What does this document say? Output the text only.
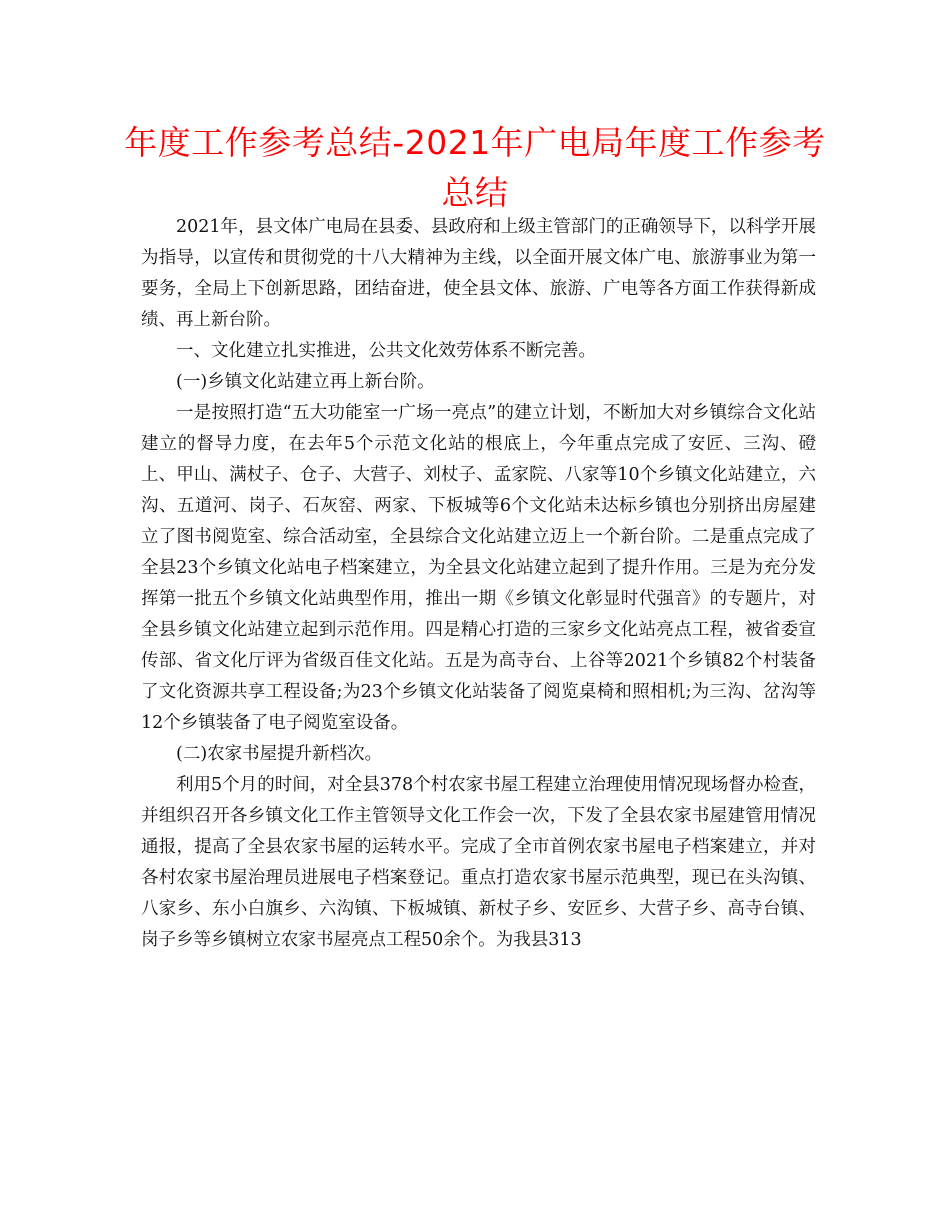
年度工作参考总结-2021年广电局年度工作参考总结

2021年，县文体广电局在县委、县政府和上级主管部门的正确领导下，以科学开展为指导，以宣传和贯彻党的十八大精神为主线，以全面开展文体广电、旅游事业为第一要务，全局上下创新思路，团结奋进，使全县文体、旅游、广电等各方面工作获得新成绩、再上新台阶。

一、文化建立扎实推进，公共文化效劳体系不断完善。

(一)乡镇文化站建立再上新台阶。

一是按照打造“五大功能室一广场一亮点”的建立计划，不断加大对乡镇综合文化站建立的督导力度，在去年5个示范文化站的根底上，今年重点完成了安匠、三沟、磴上、甲山、满杖子、仓子、大营子、刘杖子、孟家院、八家等10个乡镇文化站建立，六沟、五道河、岗子、石灰窑、两家、下板城等6个文化站未达标乡镇也分别挤出房屋建立了图书阅览室、综合活动室，全县综合文化站建立迈上一个新台阶。二是重点完成了全县23个乡镇文化站电子档案建立，为全县文化站建立起到了提升作用。三是为充分发挥第一批五个乡镇文化站典型作用，推出一期《乡镇文化彰显时代强音》的专题片，对全县乡镇文化站建立起到示范作用。四是精心打造的三家乡文化站亮点工程，被省委宣传部、省文化厅评为省级百佳文化站。五是为高寺台、上谷等2021个乡镇82个村装备了文化资源共享工程设备;为23个乡镇文化站装备了阅览桌椅和照相机;为三沟、岔沟等12个乡镇装备了电子阅览室设备。

(二)农家书屋提升新档次。

利用5个月的时间，对全县378个村农家书屋工程建立治理使用情况现场督办检查，并组织召开各乡镇文化工作主管领导文化工作会一次，下发了全县农家书屋建管用情况通报，提高了全县农家书屋的运转水平。完成了全市首例农家书屋电子档案建立，并对各村农家书屋治理员进展电子档案登记。重点打造农家书屋示范典型，现已在头沟镇、八家乡、东小白旗乡、六沟镇、下板城镇、新杖子乡、安匠乡、大营子乡、高寺台镇、岗子乡等乡镇树立农家书屋亮点工程50余个。为我县313
